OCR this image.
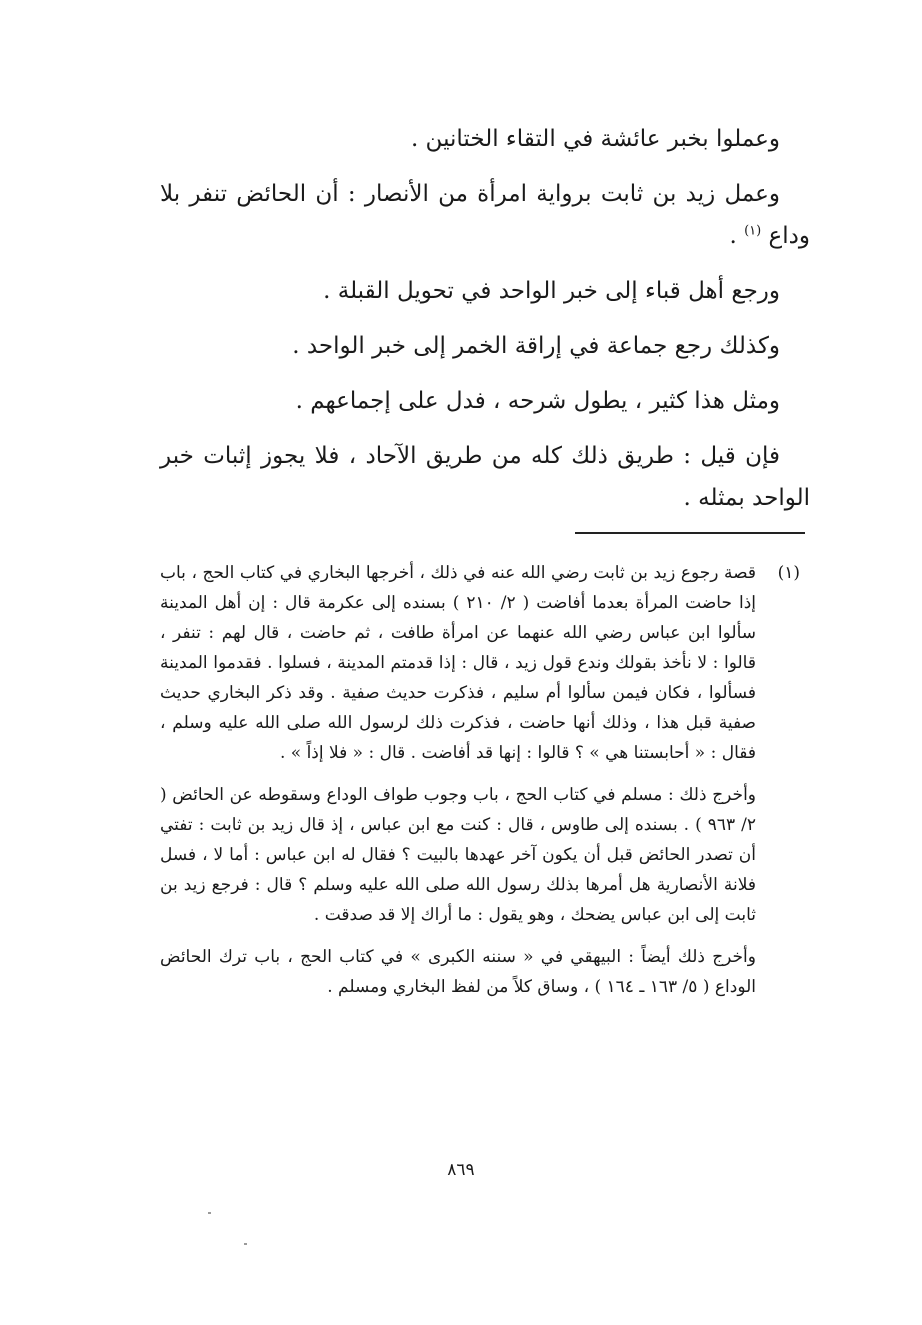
وعملوا بخبر عائشة في التقاء الختانين .

وعمل زيد بن ثابت برواية امرأة من الأنصار : أن الحائض تنفر بلا وداع $^{(١)}$ .

ورجع أهل قباء إلى خبر الواحد في تحويل القبلة .

وكذلك رجع جماعة في إراقة الخمر إلى خبر الواحد .

ومثل هذا كثير ، يطول شرحه ، فدل على إجماعهم .

فإن قيل : طريق ذلك كله من طريق الآحاد ، فلا يجوز إثبات خبر الواحد بمثله .

(١)

قصة رجوع زيد بن ثابت رضي الله عنه في ذلك ، أخرجها البخاري في كتاب الحج ، باب إذا حاضت المرأة بعدما أفاضت ( ٢/ ٢١٠ ) بسنده إلى عكرمة قال : إن أهل المدينة سألوا ابن عباس رضي الله عنهما عن امرأة طافت ، ثم حاضت ، قال لهم : تنفر ، قالوا : لا نأخذ بقولك وندع قول زيد ، قال : إذا قدمتم المدينة ، فسلوا . فقدموا المدينة فسألوا ، فكان فيمن سألوا أم سليم ، فذكرت حديث صفية . وقد ذكر البخاري حديث صفية قبل هذا ، وذلك أنها حاضت ، فذكرت ذلك لرسول الله صلى الله عليه وسلم ، فقال : « أحابستنا هي » ؟ قالوا : إنها قد أفاضت . قال : « فلا إذاً » .

وأخرج ذلك : مسلم في كتاب الحج ، باب وجوب طواف الوداع وسقوطه عن الحائض ( ٢/ ٩٦٣ ) . بسنده إلى طاوس ، قال : كنت مع ابن عباس ، إذ قال زيد بن ثابت : تفتي أن تصدر الحائض قبل أن يكون آخر عهدها بالبيت ؟ فقال له ابن عباس : أما لا ، فسل فلانة الأنصارية هل أمرها بذلك رسول الله صلى الله عليه وسلم ؟ قال : فرجع زيد بن ثابت إلى ابن عباس يضحك ، وهو يقول : ما أراك إلا قد صدقت .

وأخرج ذلك أيضاً : البيهقي في « سننه الكبرى » في كتاب الحج ، باب ترك الحائض الوداع ( ٥/ ١٦٣ ـ ١٦٤ ) ، وساق كلاً من لفظ البخاري ومسلم .

٨٦٩
